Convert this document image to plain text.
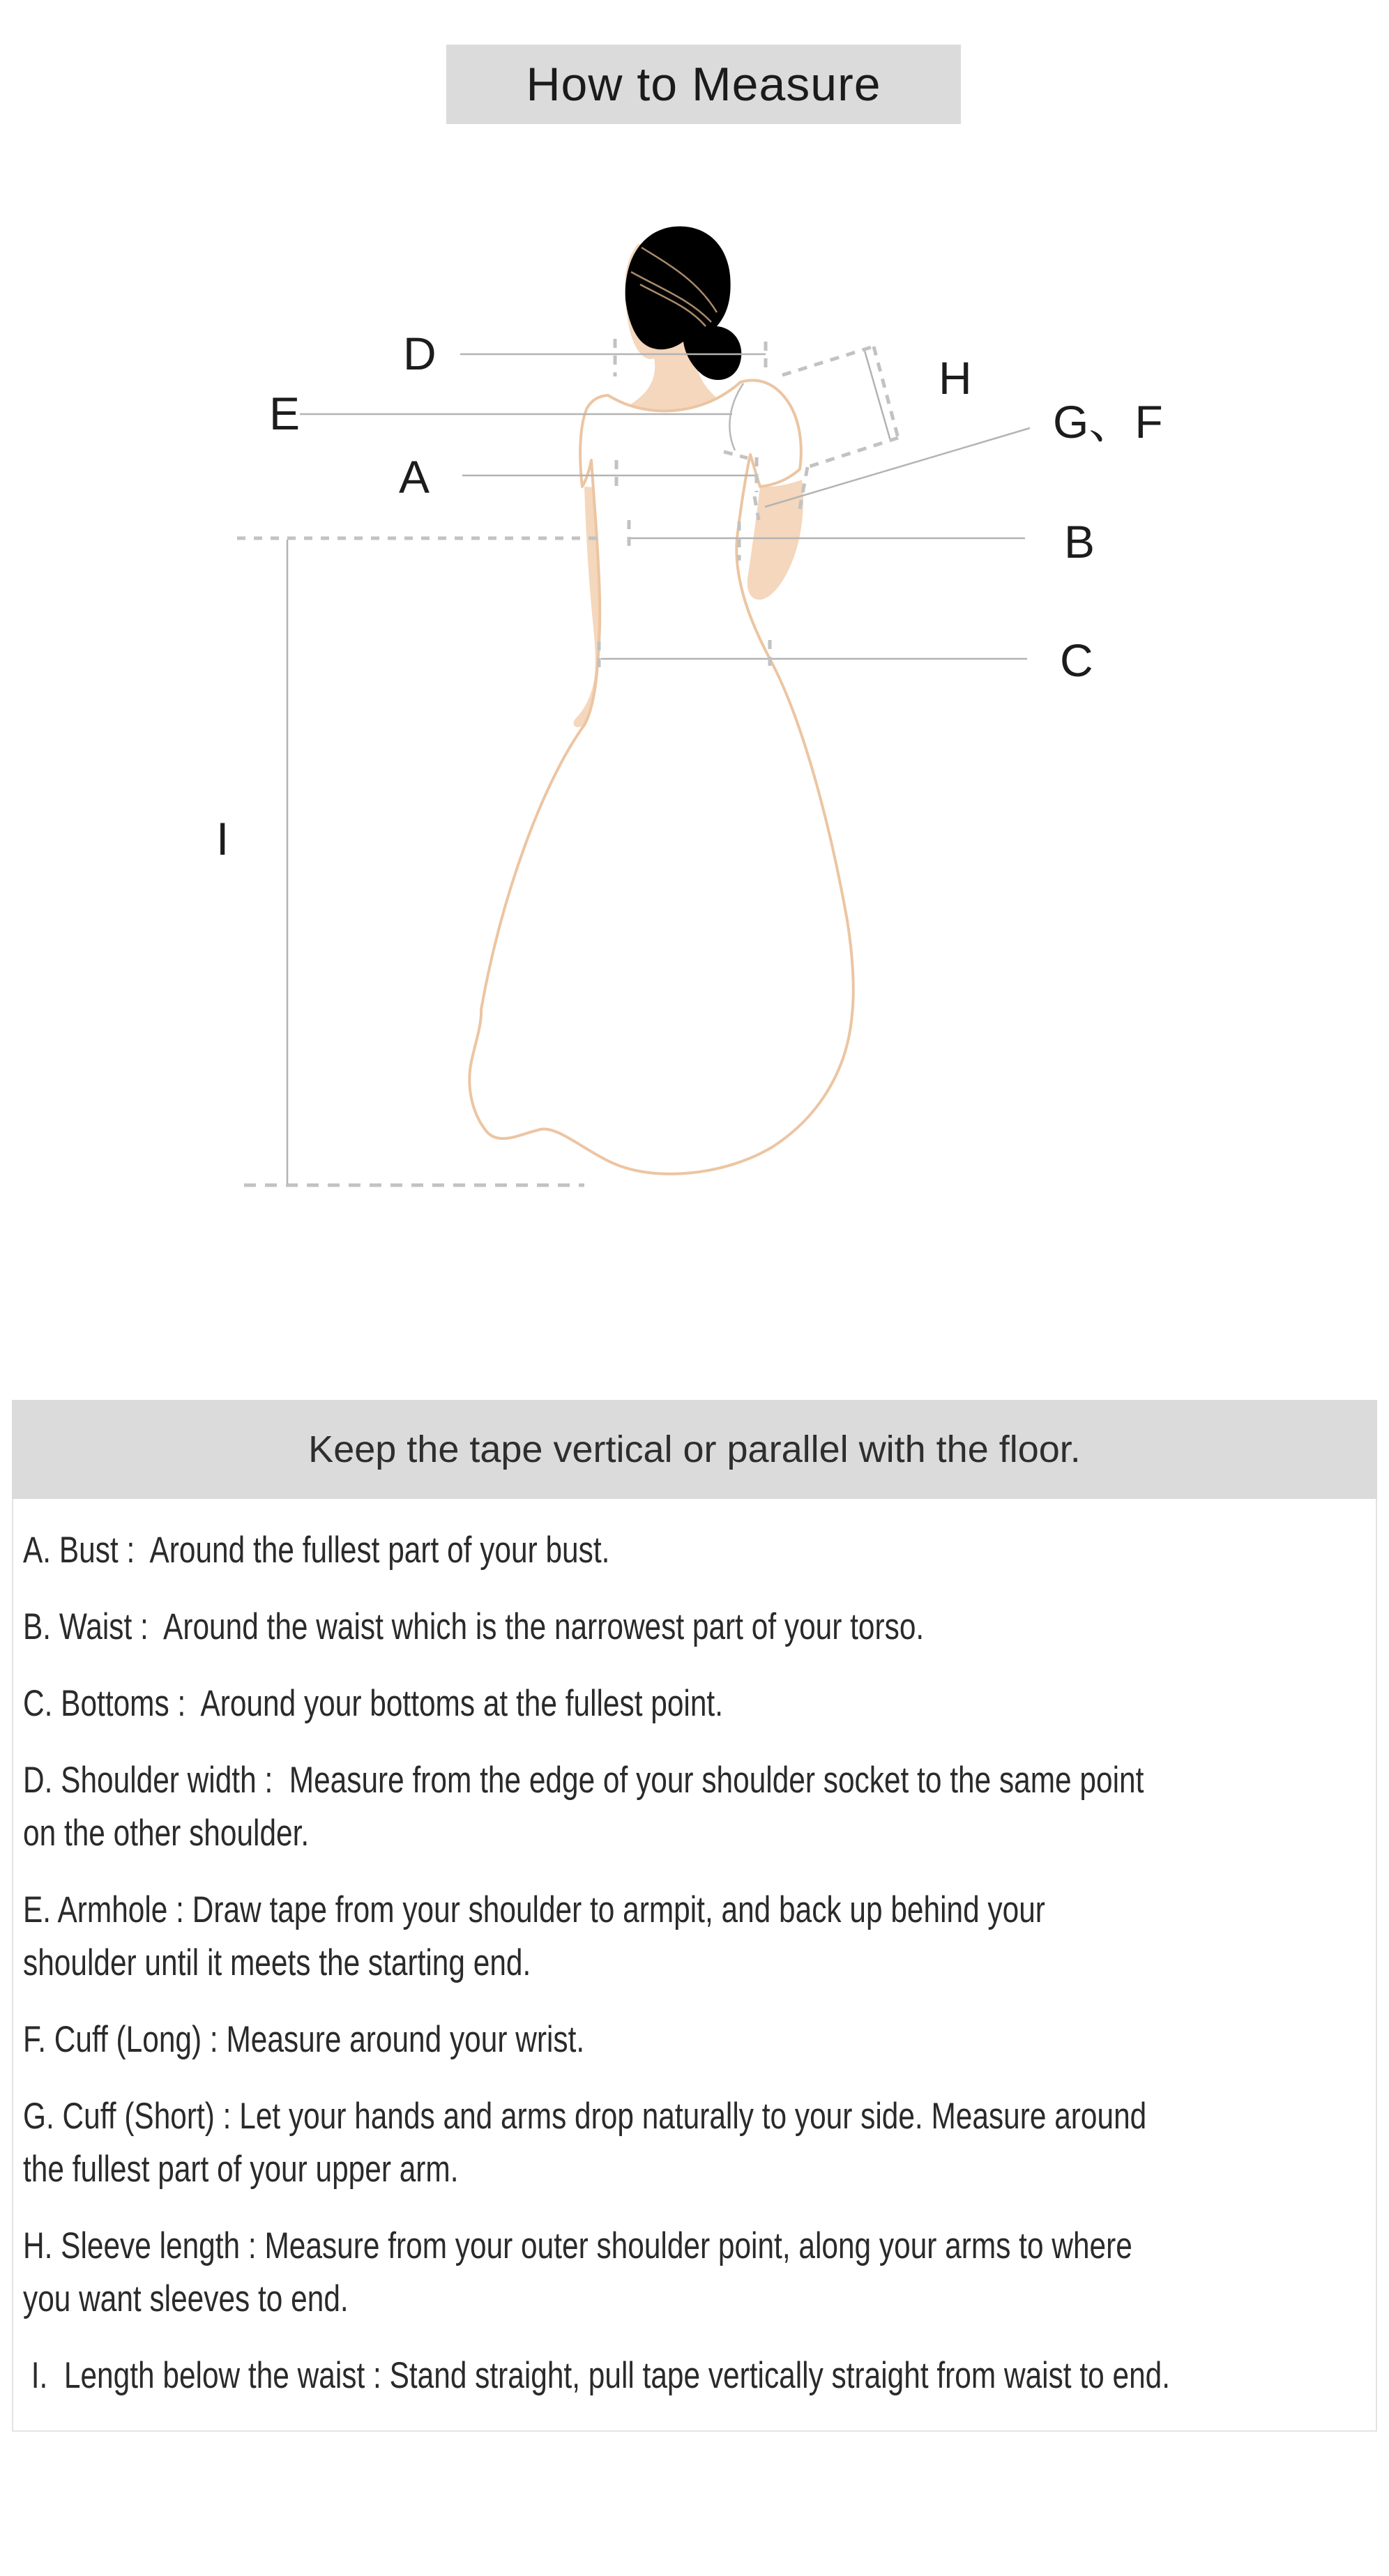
How to Measure
D
E
A
H
G、F
B
C
I
Keep the tape vertical or parallel with the floor.
A. Bust :  Around the fullest part of your bust.
B. Waist :  Around the waist which is the narrowest part of your torso.
C. Bottoms :  Around your bottoms at the fullest point.
D. Shoulder width :  Measure from the edge of your shoulder socket to the same point
on the other shoulder.
E. Armhole : Draw tape from your shoulder to armpit, and back up behind your
shoulder until it meets the starting end.
F. Cuff (Long) : Measure around your wrist.
G. Cuff (Short) : Let your hands and arms drop naturally to your side. Measure around
the fullest part of your upper arm.
H. Sleeve length : Measure from your outer shoulder point, along your arms to where
you want sleeves to end.
I.  Length below the waist : Stand straight, pull tape vertically straight from waist to end.
